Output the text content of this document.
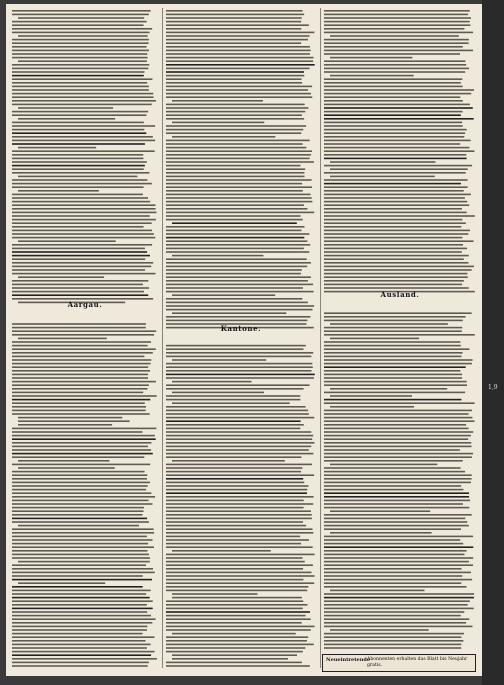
Aargau.
Kantone.
Ausland.
Neueintretende
Abonnenten erhalten das Blatt bis Neujahr gratis.
1,9
